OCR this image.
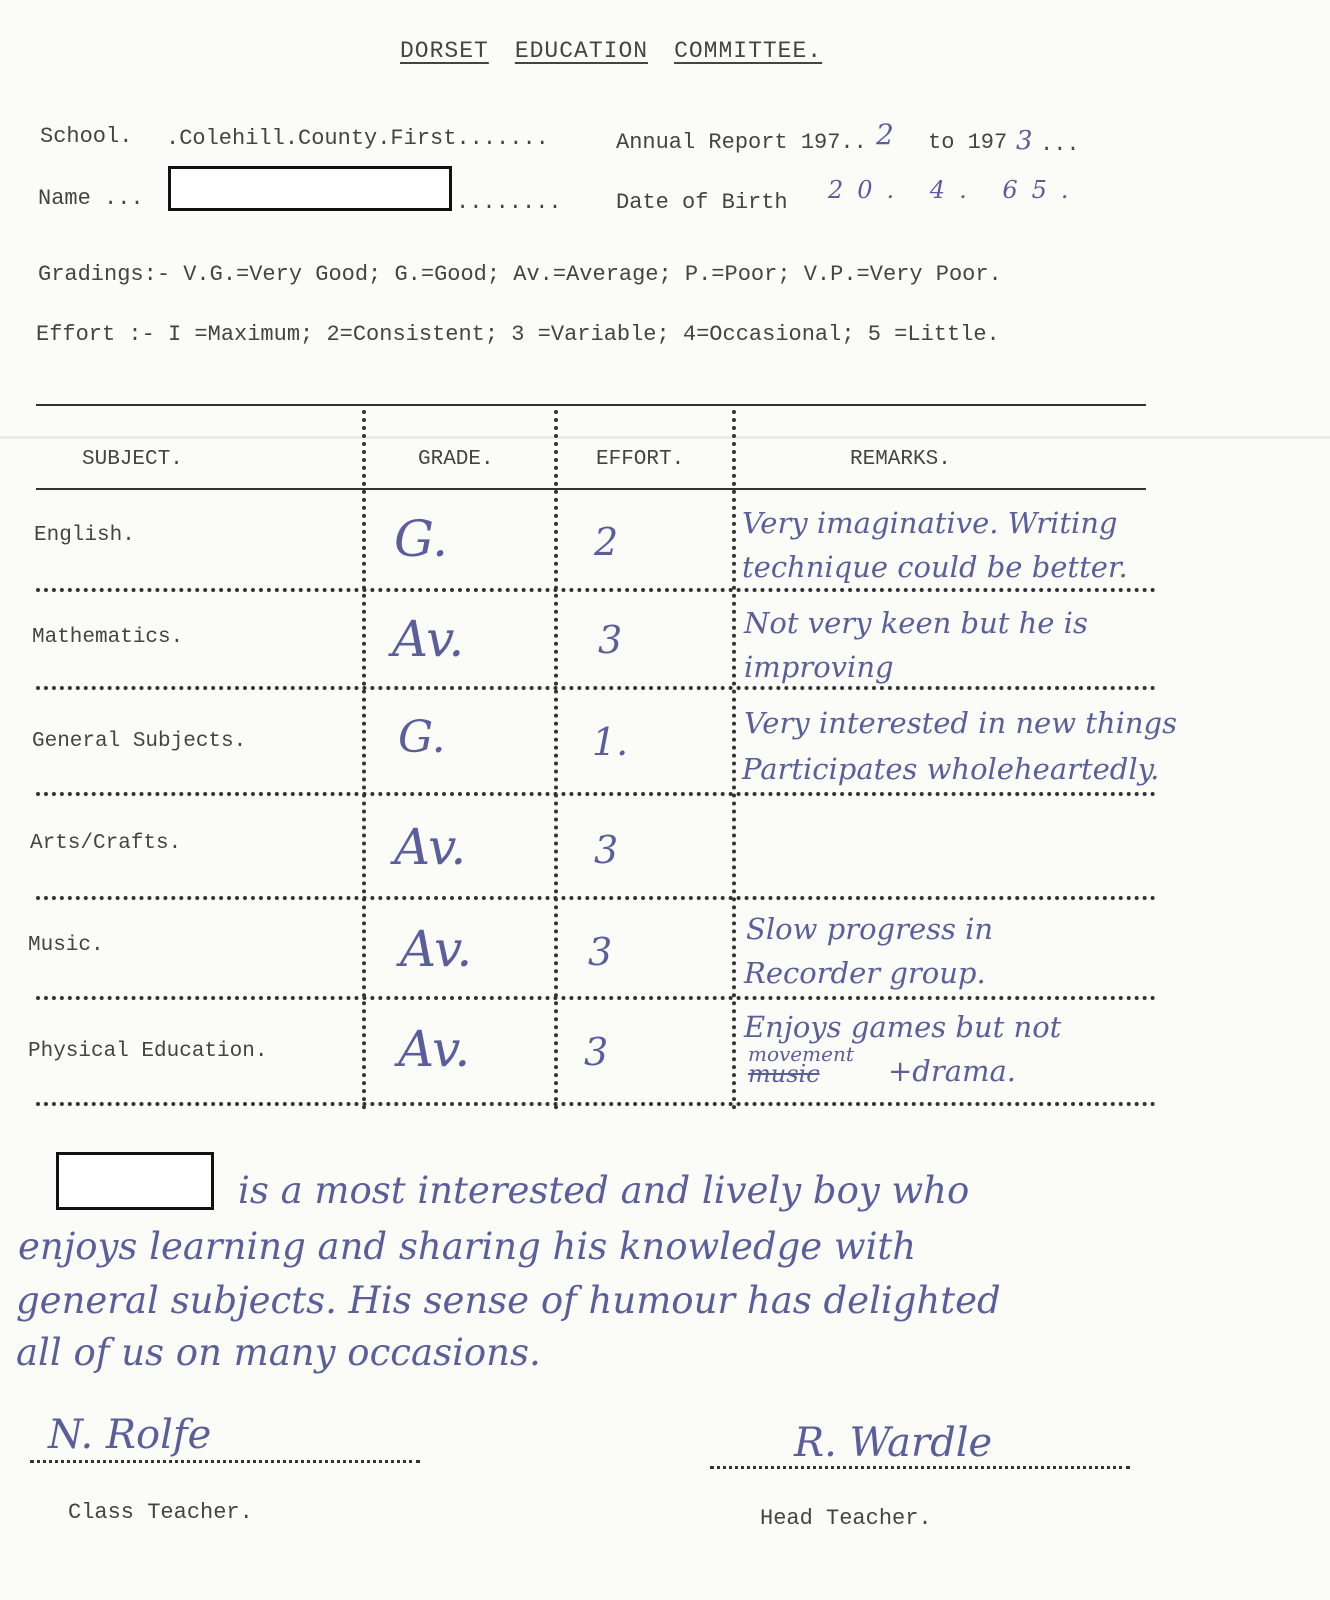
DORSET EDUCATION COMMITTEE.
School. .Colehill.County.First.......	Annual Report 197.. 2 to 197 3 ...
Name ...	........ Date of Birth 20. 4. 65.
Gradings:- V.G.=Very Good; G.=Good; Av.=Average; P.=Poor; V.P.=Very Poor.
Effort :- I =Maximum; 2=Consistent; 3 =Variable; 4=Occasional; 5 =Little.
SUBJECT.	GRADE.	EFFORT.	REMARKS.
English.	G.	2	Very imaginative. Writing
technique could be better.
Mathematics.	Av.	3	Not very keen but he is
improving
General Subjects.	G.	1.	Very interested in new things
Participates wholeheartedly.
Arts/Crafts.	Av.	3
Music.	Av.	3
Slow progress in
Recorder group.
Physical Education.	Av.	3
Enjoys games but not
movement
music +drama.
is a most interested and lively boy who
enjoys learning and sharing his knowledge with
general subjects. His sense of humour has delighted
all of us on many occasions.
N. Rolfe
Class Teacher.
R. Wardle
Head Teacher.
